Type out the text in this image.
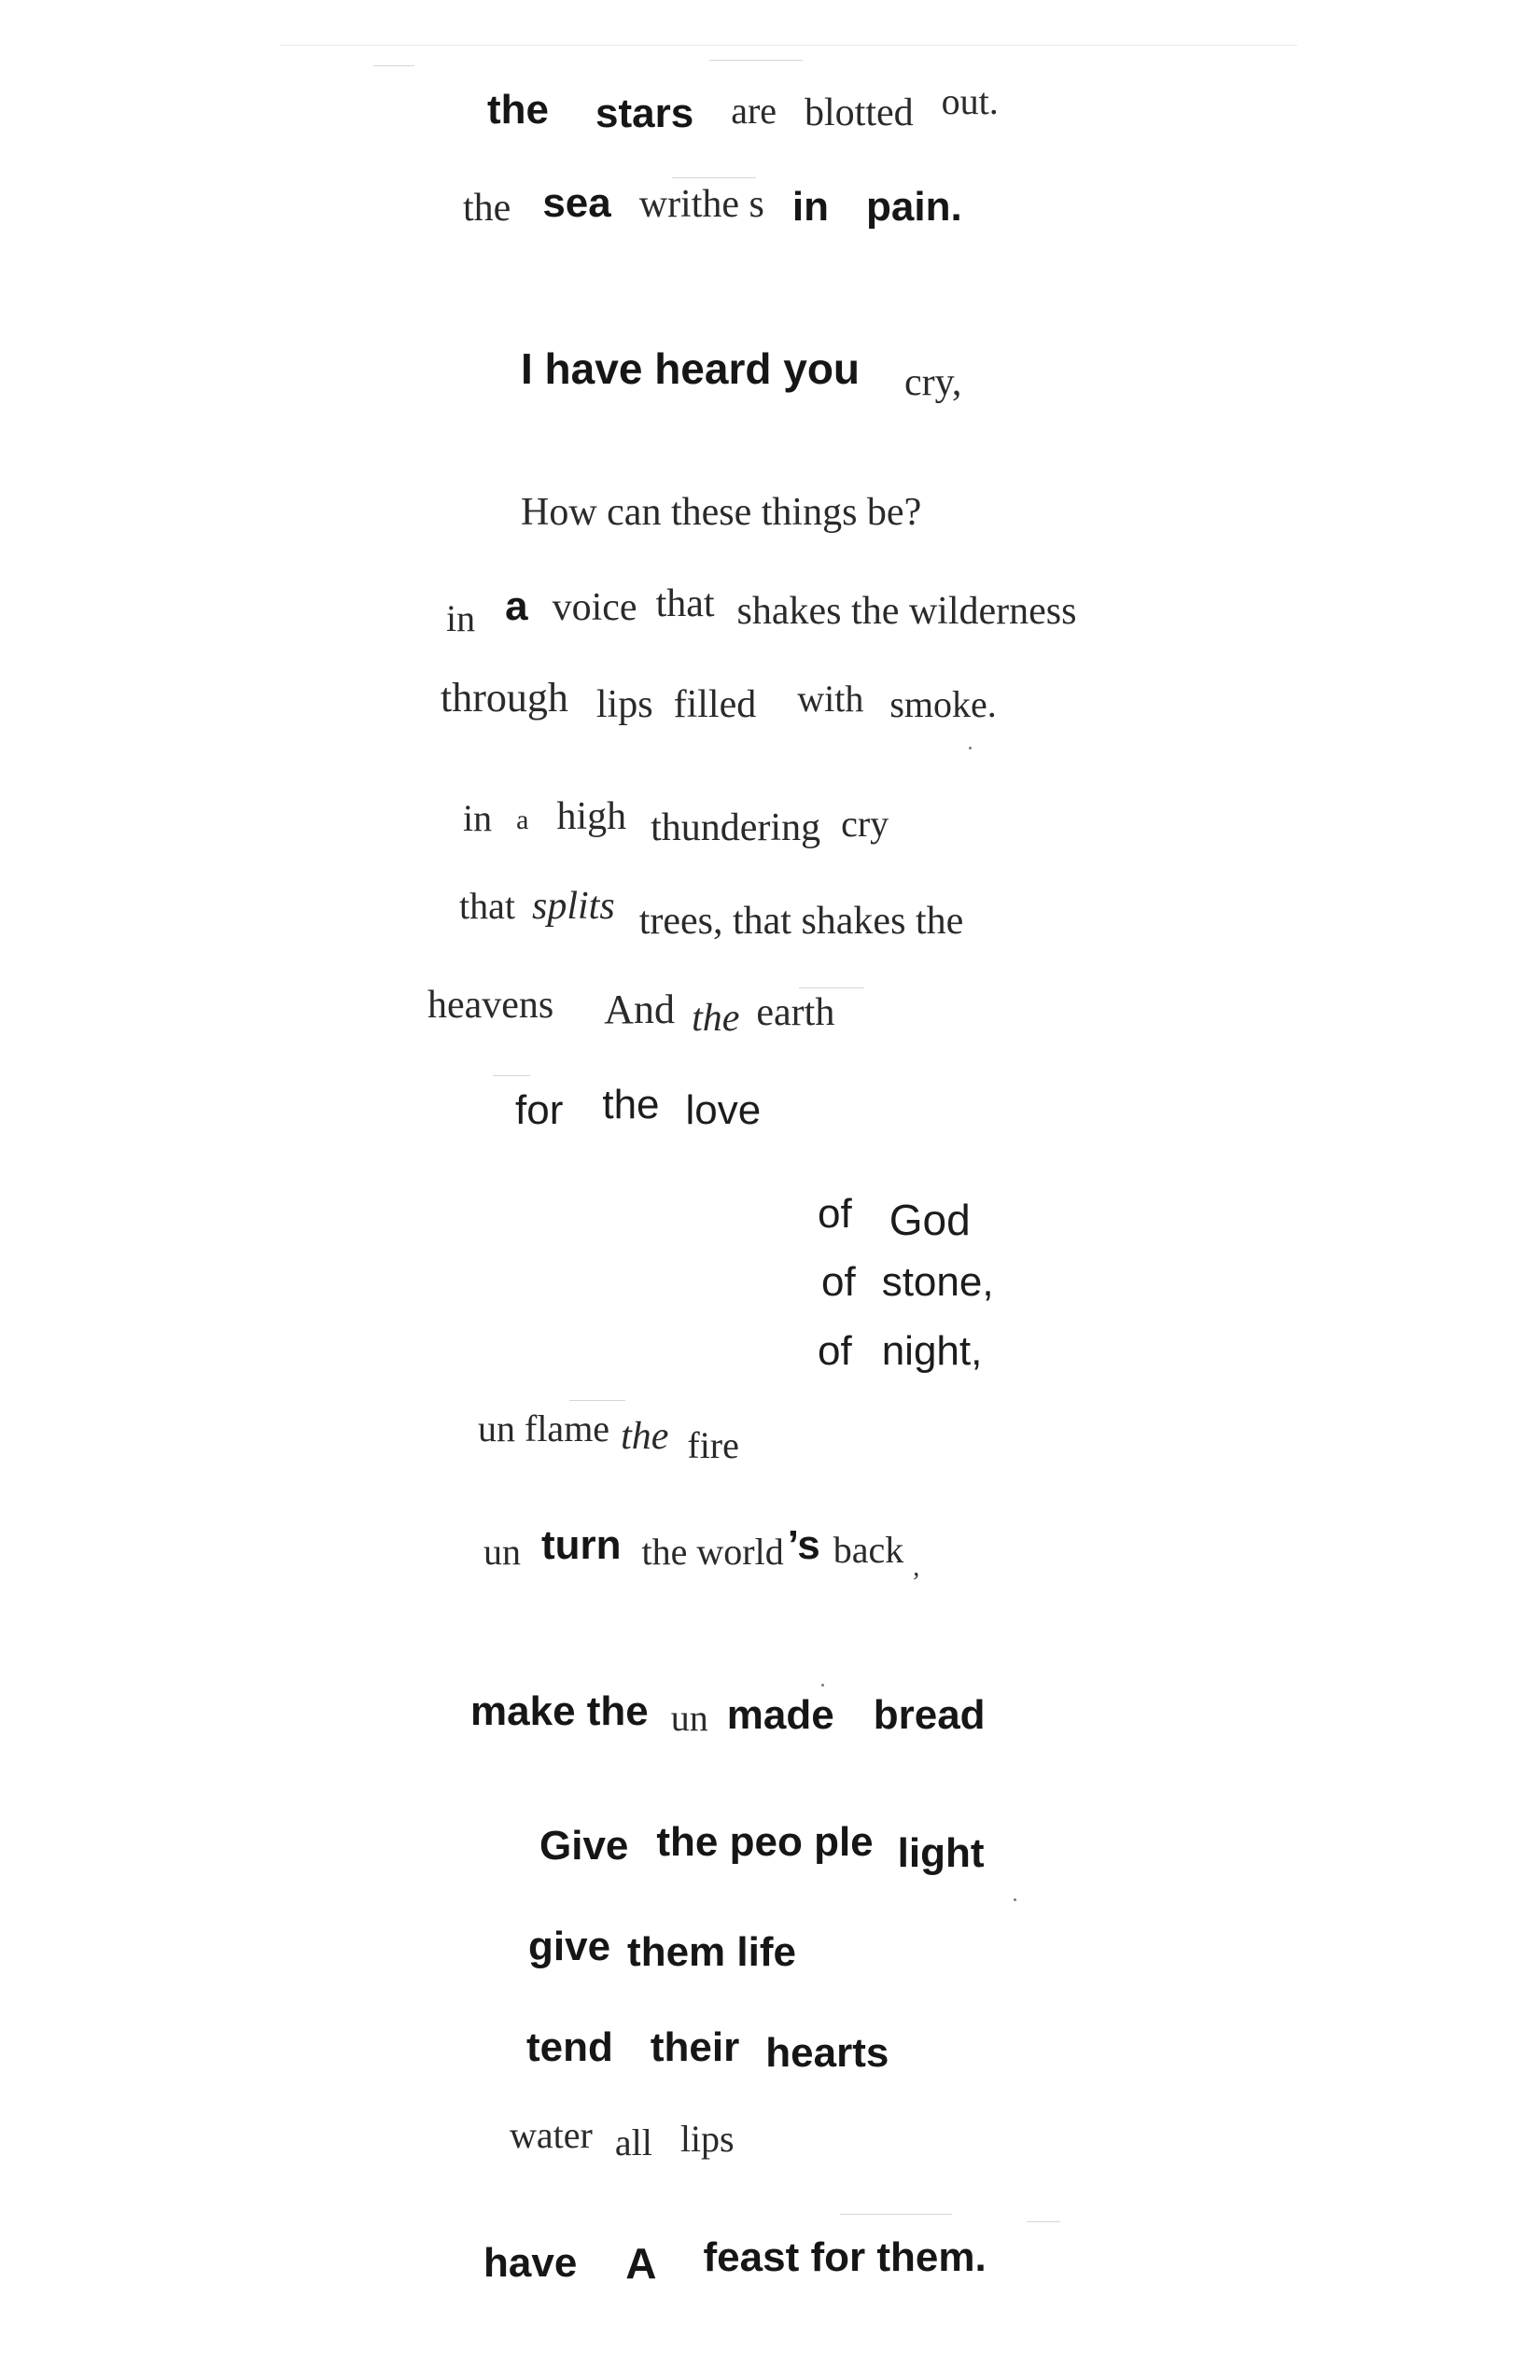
the stars are blotted out.
the sea writhe s in pain.
I have heard you cry,
How can these things be?
in a voice that shakes the wilderness
through lips filled with smoke.
in a high thundering cry
that splits trees, that shakes the
heavens And the earth
for the love
of God
of stone,
of night,
un flame the fire
un turn the world’s back ,
make the un made bread
Give the peo ple light
give them life
tend their hearts
water all lips
have A feast for them.
